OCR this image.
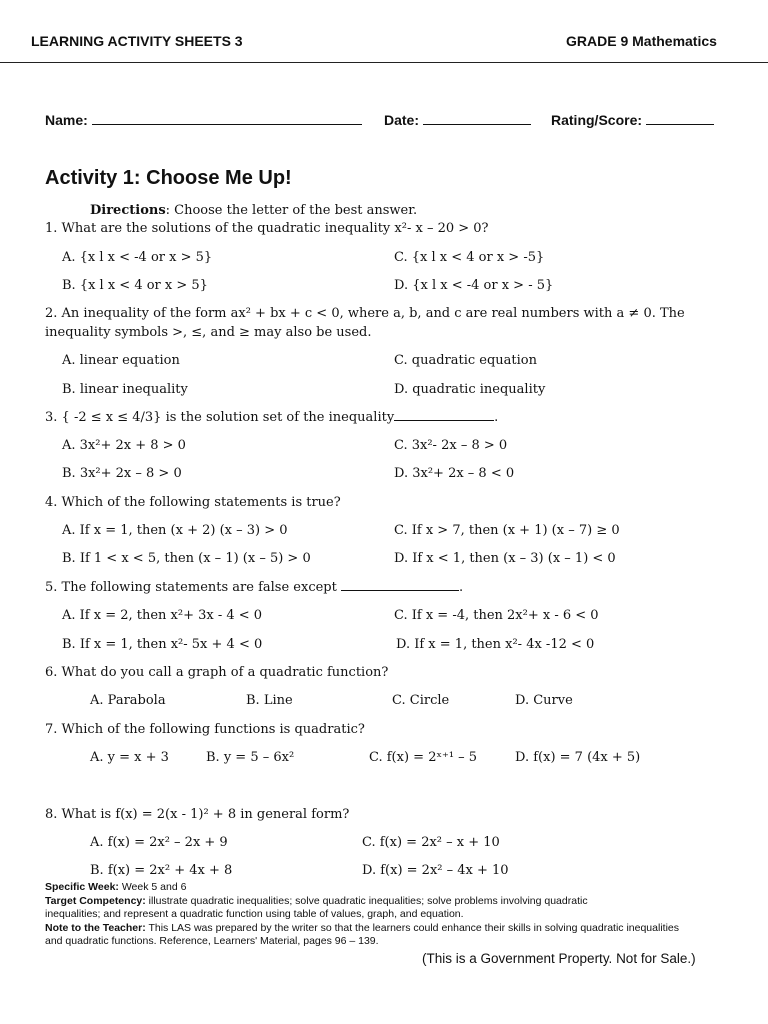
LEARNING ACTIVITY SHEETS 3	GRADE 9 Mathematics
Name:	Date:	Rating/Score:
Activity 1: Choose Me Up!
Directions: Choose the letter of the best answer.
1. What are the solutions of the quadratic inequality x²- x – 20 > 0?
A. {x l x < -4 or x > 5}	C. {x l x < 4 or x > -5}
B. {x l x < 4 or x > 5}	D. {x l x < -4 or x > - 5}
2. An inequality of the form ax² + bx + c < 0, where a, b, and c are real numbers with a ≠ 0. The
inequality symbols >, ≤, and ≥ may also be used.
A. linear equation	C. quadratic equation
B. linear inequality	D. quadratic inequality
3. { -2 ≤ x ≤ 4/3} is the solution set of the inequality	.
A. 3x²+ 2x + 8 > 0	C. 3x²- 2x – 8 > 0
B. 3x²+ 2x – 8 > 0	D. 3x²+ 2x – 8 < 0
4. Which of the following statements is true?
A. If x = 1, then (x + 2) (x – 3) > 0	C. If x > 7, then (x + 1) (x – 7) ≥ 0
B. If 1 < x < 5, then (x – 1) (x – 5) > 0	D. If x < 1, then (x – 3) (x – 1) < 0
5. The following statements are false except	.
A. If x = 2, then x²+ 3x - 4 < 0	C. If x = -4, then 2x²+ x - 6 < 0
B. If x = 1, then x²- 5x + 4 < 0	D. If x = 1, then x²- 4x -12 < 0
6. What do you call a graph of a quadratic function?
A. Parabola	B. Line	C. Circle	D. Curve
7. Which of the following functions is quadratic?
A. y = x + 3	B. y = 5 – 6x²	C. f(x) = 2ˣ⁺¹ – 5	D. f(x) = 7 (4x + 5)
8. What is f(x) = 2(x - 1)² + 8 in general form?
A. f(x) = 2x² – 2x + 9	C. f(x) = 2x² – x + 10
B. f(x) = 2x² + 4x + 8	D. f(x) = 2x² – 4x + 10
Specific Week: Week 5 and 6
Target Competency: illustrate quadratic inequalities; solve quadratic inequalities; solve problems involving quadratic
inequalities; and represent a quadratic function using table of values, graph, and equation.
Note to the Teacher: This LAS was prepared by the writer so that the learners could enhance their skills in solving quadratic inequalities
and quadratic functions. Reference, Learners' Material, pages 96 – 139.
(This is a Government Property. Not for Sale.)
